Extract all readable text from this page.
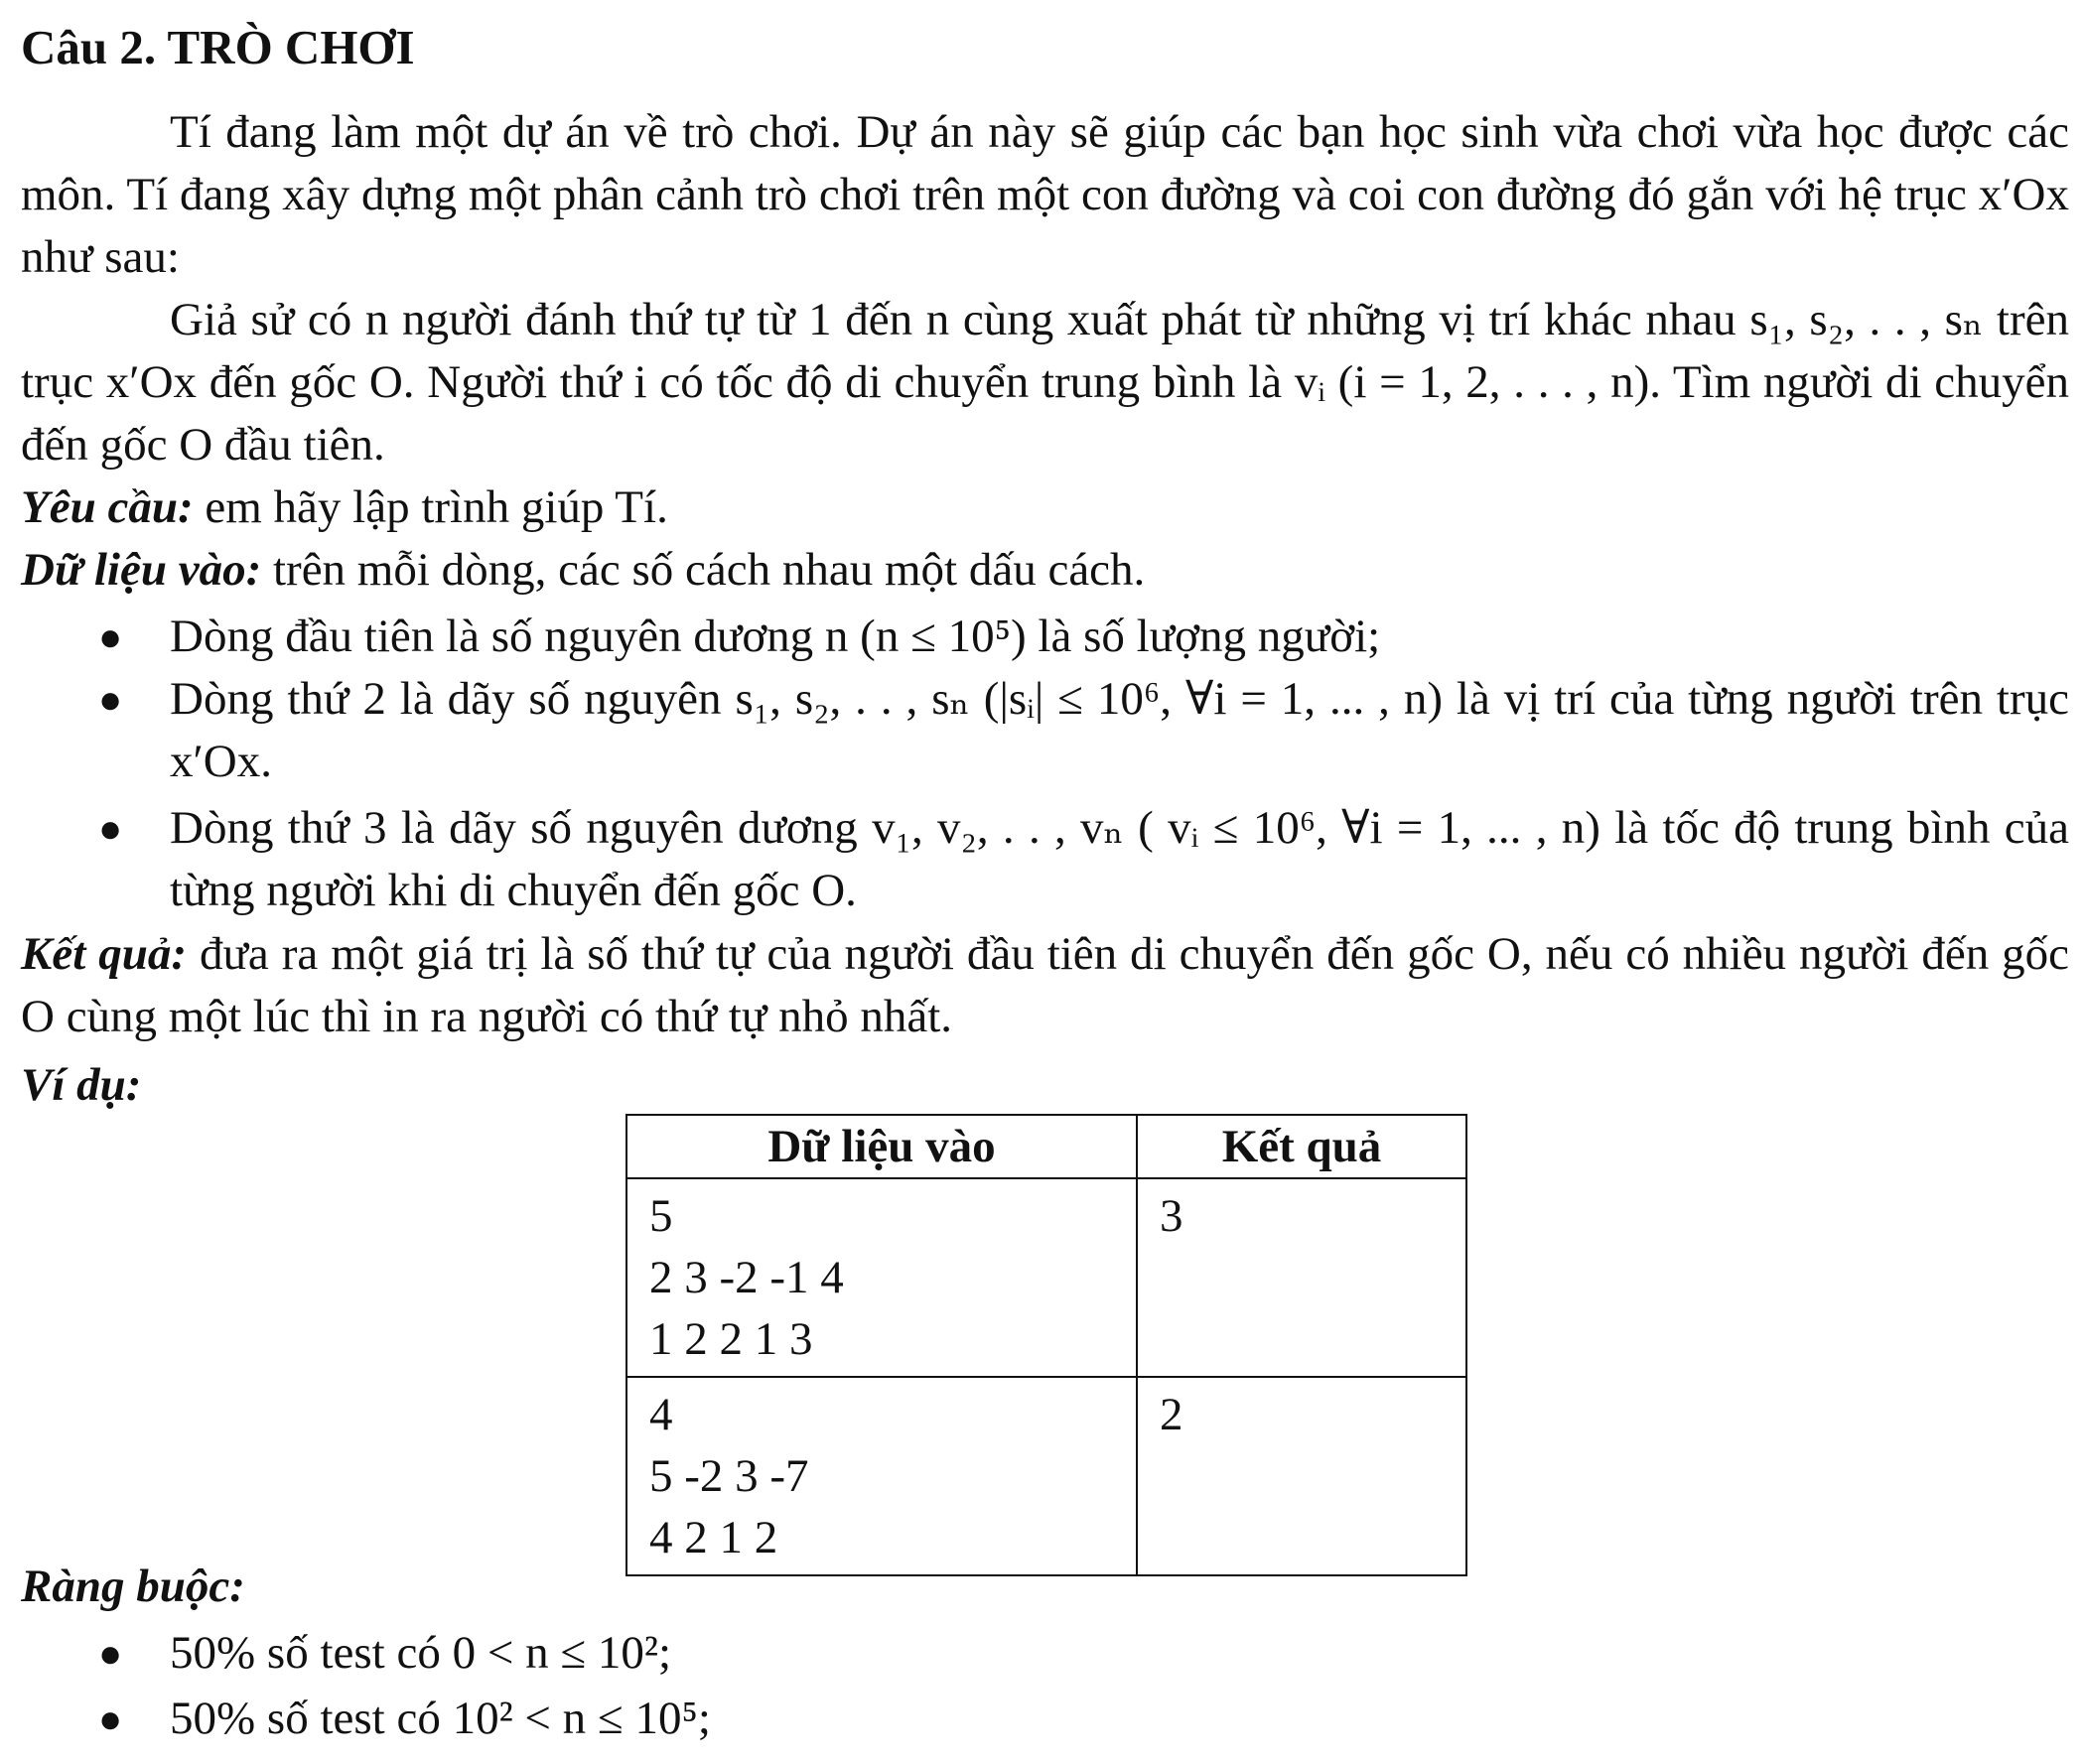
Câu 2. TRÒ CHƠI
Tí đang làm một dự án về trò chơi. Dự án này sẽ giúp các bạn học sinh vừa chơi vừa học được các môn. Tí đang xây dựng một phân cảnh trò chơi trên một con đường và coi con đường đó gắn với hệ trục x′Ox như sau:
Giả sử có n người đánh thứ tự từ 1 đến n cùng xuất phát từ những vị trí khác nhau s₁, s₂, . . , sₙ trên trục x′Ox đến gốc O. Người thứ i có tốc độ di chuyển trung bình là vᵢ (i = 1, 2, . . . , n). Tìm người di chuyển đến gốc O đầu tiên.
Yêu cầu: em hãy lập trình giúp Tí.
Dữ liệu vào: trên mỗi dòng, các số cách nhau một dấu cách.
● Dòng đầu tiên là số nguyên dương n (n ≤ 10⁵) là số lượng người;
● Dòng thứ 2 là dãy số nguyên s₁, s₂, . . , sₙ (|sᵢ| ≤ 10⁶, ∀i = 1, ... , n) là vị trí của từng người trên trục x′Ox.
● Dòng thứ 3 là dãy số nguyên dương v₁, v₂, . . , vₙ ( vᵢ ≤ 10⁶, ∀i = 1, ... , n) là tốc độ trung bình của từng người khi di chuyển đến gốc O.
Kết quả: đưa ra một giá trị là số thứ tự của người đầu tiên di chuyển đến gốc O, nếu có nhiều người đến gốc O cùng một lúc thì in ra người có thứ tự nhỏ nhất.
Ví dụ:
Dữ liệu vào	Kết quả

5
2 3 -2 -1 4
1 2 2 1 3	3

4
5 -2 3 -7
4 2 1 2	2
Ràng buộc:
● 50% số test có 0 < n ≤ 10²;
● 50% số test có 10² < n ≤ 10⁵;
